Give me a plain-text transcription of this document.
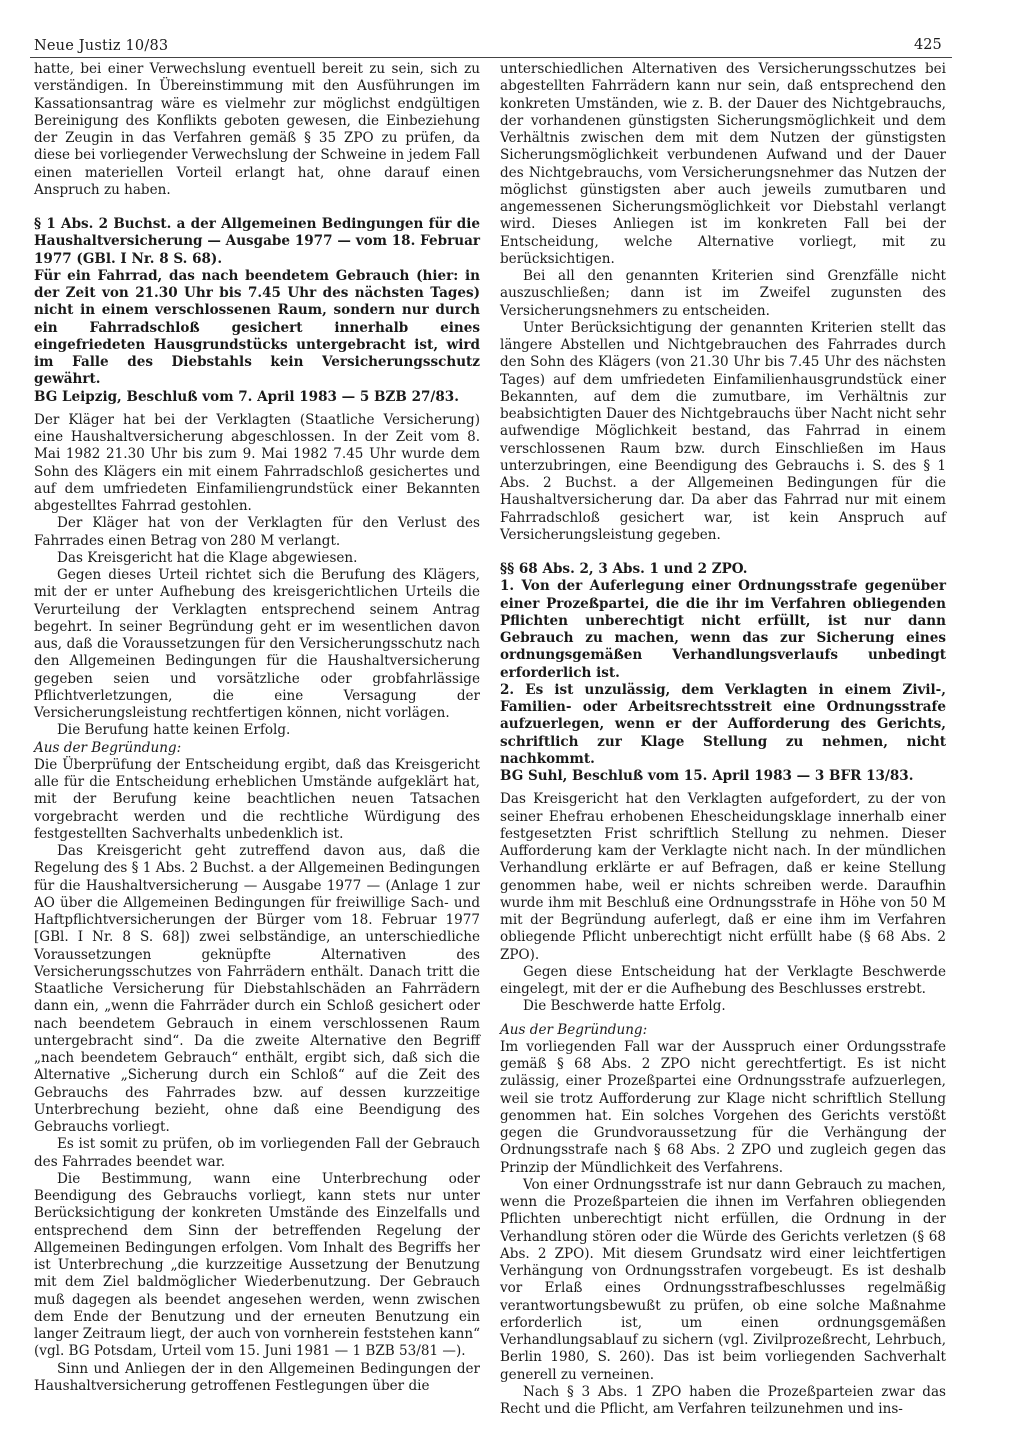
Neue Justiz 10/83	425

hatte, bei einer Verwechslung eventuell bereit zu sein, sich zu verständigen. In Übereinstimmung mit den Ausführungen im Kassationsantrag wäre es vielmehr zur möglichst endgültigen Bereinigung des Konflikts geboten gewesen, die Einbeziehung der Zeugin in das Verfahren gemäß § 35 ZPO zu prüfen, da diese bei vorliegender Verwechslung der Schweine in jedem Fall einen materiellen Vorteil erlangt hat, ohne darauf einen Anspruch zu haben.

§ 1 Abs. 2 Buchst. a der Allgemeinen Bedingungen für die Haushaltversicherung — Ausgabe 1977 — vom 18. Februar 1977 (GBl. I Nr. 8 S. 68).

Für ein Fahrrad, das nach beendetem Gebrauch (hier: in der Zeit von 21.30 Uhr bis 7.45 Uhr des nächsten Tages) nicht in einem verschlossenen Raum, sondern nur durch ein Fahrradschloß gesichert innerhalb eines eingefriedeten Hausgrundstücks untergebracht ist, wird im Falle des Diebstahls kein Versicherungsschutz gewährt.

BG Leipzig, Beschluß vom 7. April 1983 — 5 BZB 27/83.

Der Kläger hat bei der Verklagten (Staatliche Versicherung) eine Haushaltversicherung abgeschlossen. In der Zeit vom 8. Mai 1982 21.30 Uhr bis zum 9. Mai 1982 7.45 Uhr wurde dem Sohn des Klägers ein mit einem Fahrradschloß gesichertes und auf dem umfriedeten Einfamiliengrundstück einer Bekannten abgestelltes Fahrrad gestohlen.

Der Kläger hat von der Verklagten für den Verlust des Fahrrades einen Betrag von 280 M verlangt.

Das Kreisgericht hat die Klage abgewiesen.

Gegen dieses Urteil richtet sich die Berufung des Klägers, mit der er unter Aufhebung des kreisgerichtlichen Urteils die Verurteilung der Verklagten entsprechend seinem Antrag begehrt. In seiner Begründung geht er im wesentlichen davon aus, daß die Voraussetzungen für den Versicherungsschutz nach den Allgemeinen Bedingungen für die Haushaltversicherung gegeben seien und vorsätzliche oder grobfahrlässige Pflichtverletzungen, die eine Versagung der Versicherungsleistung rechtfertigen können, nicht vorlägen.

Die Berufung hatte keinen Erfolg.

Aus der Begründung:

Die Überprüfung der Entscheidung ergibt, daß das Kreisgericht alle für die Entscheidung erheblichen Umstände aufgeklärt hat, mit der Berufung keine beachtlichen neuen Tatsachen vorgebracht werden und die rechtliche Würdigung des festgestellten Sachverhalts unbedenklich ist.

Das Kreisgericht geht zutreffend davon aus, daß die Regelung des § 1 Abs. 2 Buchst. a der Allgemeinen Bedingungen für die Haushaltversicherung — Ausgabe 1977 — (Anlage 1 zur AO über die Allgemeinen Bedingungen für freiwillige Sach- und Haftpflichtversicherungen der Bürger vom 18. Februar 1977 [GBl. I Nr. 8 S. 68]) zwei selbständige, an unterschiedliche Voraussetzungen geknüpfte Alternativen des Versicherungsschutzes von Fahrrädern enthält. Danach tritt die Staatliche Versicherung für Diebstahlschäden an Fahrrädern dann ein, „wenn die Fahrräder durch ein Schloß gesichert oder nach beendetem Gebrauch in einem verschlossenen Raum untergebracht sind“. Da die zweite Alternative den Begriff „nach beendetem Gebrauch“ enthält, ergibt sich, daß sich die Alternative „Sicherung durch ein Schloß“ auf die Zeit des Gebrauchs des Fahrrades bzw. auf dessen kurzzeitige Unterbrechung bezieht, ohne daß eine Beendigung des Gebrauchs vorliegt.

Es ist somit zu prüfen, ob im vorliegenden Fall der Gebrauch des Fahrrades beendet war.

Die Bestimmung, wann eine Unterbrechung oder Beendigung des Gebrauchs vorliegt, kann stets nur unter Berücksichtigung der konkreten Umstände des Einzelfalls und entsprechend dem Sinn der betreffenden Regelung der Allgemeinen Bedingungen erfolgen. Vom Inhalt des Begriffs her ist Unterbrechung „die kurzzeitige Aussetzung der Benutzung mit dem Ziel baldmöglicher Wiederbenutzung. Der Gebrauch muß dagegen als beendet angesehen werden, wenn zwischen dem Ende der Benutzung und der erneuten Benutzung ein langer Zeitraum liegt, der auch von vornherein feststehen kann“ (vgl. BG Potsdam, Urteil vom 15. Juni 1981 — 1 BZB 53/81 —).

Sinn und Anliegen der in den Allgemeinen Bedingungen der Haushaltversicherung getroffenen Festlegungen über die

unterschiedlichen Alternativen des Versicherungsschutzes bei abgestellten Fahrrädern kann nur sein, daß entsprechend den konkreten Umständen, wie z. B. der Dauer des Nichtgebrauchs, der vorhandenen günstigsten Sicherungsmöglichkeit und dem Verhältnis zwischen dem mit dem Nutzen der günstigsten Sicherungsmöglichkeit verbundenen Aufwand und der Dauer des Nichtgebrauchs, vom Versicherungsnehmer das Nutzen der möglichst günstigsten aber auch jeweils zumutbaren und angemessenen Sicherungsmöglichkeit vor Diebstahl verlangt wird. Dieses Anliegen ist im konkreten Fall bei der Entscheidung, welche Alternative vorliegt, mit zu berücksichtigen.

Bei all den genannten Kriterien sind Grenzfälle nicht auszuschließen; dann ist im Zweifel zugunsten des Versicherungsnehmers zu entscheiden.

Unter Berücksichtigung der genannten Kriterien stellt das längere Abstellen und Nichtgebrauchen des Fahrrades durch den Sohn des Klägers (von 21.30 Uhr bis 7.45 Uhr des nächsten Tages) auf dem umfriedeten Einfamilienhausgrundstück einer Bekannten, auf dem die zumutbare, im Verhältnis zur beabsichtigten Dauer des Nichtgebrauchs über Nacht nicht sehr aufwendige Möglichkeit bestand, das Fahrrad in einem verschlossenen Raum bzw. durch Einschließen im Haus unterzubringen, eine Beendigung des Gebrauchs i. S. des § 1 Abs. 2 Buchst. a der Allgemeinen Bedingungen für die Haushaltversicherung dar. Da aber das Fahrrad nur mit einem Fahrradschloß gesichert war, ist kein Anspruch auf Versicherungsleistung gegeben.

§§ 68 Abs. 2, 3 Abs. 1 und 2 ZPO.

1. Von der Auferlegung einer Ordnungsstrafe gegenüber einer Prozeßpartei, die die ihr im Verfahren obliegenden Pflichten unberechtigt nicht erfüllt, ist nur dann Gebrauch zu machen, wenn das zur Sicherung eines ordnungsgemäßen Verhandlungsverlaufs unbedingt erforderlich ist.

2. Es ist unzulässig, dem Verklagten in einem Zivil-, Familien- oder Arbeitsrechtsstreit eine Ordnungsstrafe aufzuerlegen, wenn er der Aufforderung des Gerichts, schriftlich zur Klage Stellung zu nehmen, nicht nachkommt.

BG Suhl, Beschluß vom 15. April 1983 — 3 BFR 13/83.

Das Kreisgericht hat den Verklagten aufgefordert, zu der von seiner Ehefrau erhobenen Ehescheidungsklage innerhalb einer festgesetzten Frist schriftlich Stellung zu nehmen. Dieser Aufforderung kam der Verklagte nicht nach. In der mündlichen Verhandlung erklärte er auf Befragen, daß er keine Stellung genommen habe, weil er nichts schreiben werde. Daraufhin wurde ihm mit Beschluß eine Ordnungsstrafe in Höhe von 50 M mit der Begründung auferlegt, daß er eine ihm im Verfahren obliegende Pflicht unberechtigt nicht erfüllt habe (§ 68 Abs. 2 ZPO).

Gegen diese Entscheidung hat der Verklagte Beschwerde eingelegt, mit der er die Aufhebung des Beschlusses erstrebt.

Die Beschwerde hatte Erfolg.

Aus der Begründung:

Im vorliegenden Fall war der Ausspruch einer Ordungsstrafe gemäß § 68 Abs. 2 ZPO nicht gerechtfertigt. Es ist nicht zulässig, einer Prozeßpartei eine Ordnungsstrafe aufzuerlegen, weil sie trotz Aufforderung zur Klage nicht schriftlich Stellung genommen hat. Ein solches Vorgehen des Gerichts verstößt gegen die Grundvoraussetzung für die Verhängung der Ordnungsstrafe nach § 68 Abs. 2 ZPO und zugleich gegen das Prinzip der Mündlichkeit des Verfahrens.

Von einer Ordnungsstrafe ist nur dann Gebrauch zu machen, wenn die Prozeßparteien die ihnen im Verfahren obliegenden Pflichten unberechtigt nicht erfüllen, die Ordnung in der Verhandlung stören oder die Würde des Gerichts verletzen (§ 68 Abs. 2 ZPO). Mit diesem Grundsatz wird einer leichtfertigen Verhängung von Ordnungsstrafen vorgebeugt. Es ist deshalb vor Erlaß eines Ordnungsstrafbeschlusses regelmäßig verantwortungsbewußt zu prüfen, ob eine solche Maßnahme erforderlich ist, um einen ordnungsgemäßen Verhandlungsablauf zu sichern (vgl. Zivilprozeßrecht, Lehrbuch, Berlin 1980, S. 260). Das ist beim vorliegenden Sachverhalt generell zu verneinen.

Nach § 3 Abs. 1 ZPO haben die Prozeßparteien zwar das Recht und die Pflicht, am Verfahren teilzunehmen und ins-
